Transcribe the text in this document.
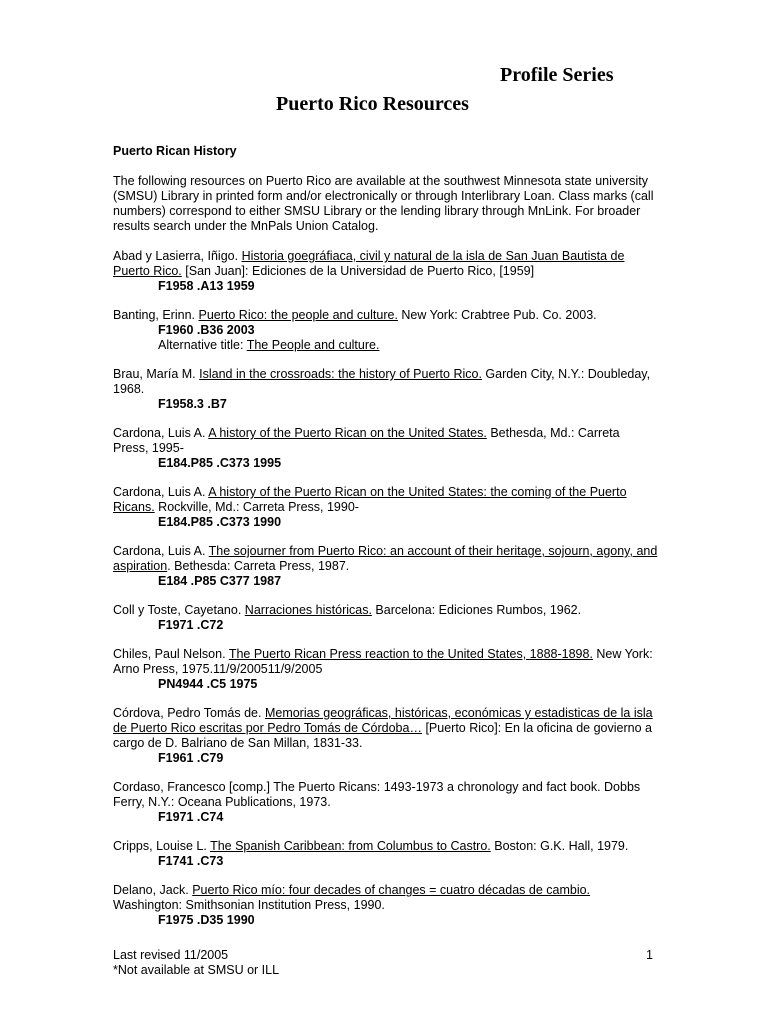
Profile Series
Puerto Rico Resources
Puerto Rican History
The following resources on Puerto Rico are available at the southwest Minnesota state university (SMSU) Library in printed form and/or electronically or through Interlibrary Loan. Class marks (call numbers) correspond to either SMSU Library or the lending library through MnLink. For broader results search under the MnPals Union Catalog.
Abad y Lasierra, Iñigo. Historia goegráfiaca, civil y natural de la isla de San Juan Bautista de Puerto Rico. [San Juan]: Ediciones de la Universidad de Puerto Rico, [1959]
F1958 .A13 1959
Banting, Erinn. Puerto Rico: the people and culture. New York: Crabtree Pub. Co. 2003.
F1960 .B36 2003
Alternative title: The People and culture.
Brau, María M. Island in the crossroads: the history of Puerto Rico. Garden City, N.Y.: Doubleday, 1968.
F1958.3 .B7
Cardona, Luis A. A history of the Puerto Rican on the United States. Bethesda, Md.: Carreta Press, 1995-
E184.P85 .C373 1995
Cardona, Luis A. A history of the Puerto Rican on the United States: the coming of the Puerto Ricans. Rockville, Md.: Carreta Press, 1990-
E184.P85 .C373 1990
Cardona, Luis A. The sojourner from Puerto Rico: an account of their heritage, sojourn, agony, and aspiration. Bethesda: Carreta Press, 1987.
E184 .P85 C377 1987
Coll y Toste, Cayetano. Narraciones históricas. Barcelona: Ediciones Rumbos, 1962.
F1971 .C72
Chiles, Paul Nelson. The Puerto Rican Press reaction to the United States, 1888-1898. New York: Arno Press, 1975.11/9/200511/9/2005
PN4944 .C5 1975
Córdova, Pedro Tomás de. Memorias geográficas, históricas, económicas y estadisticas de la isla de Puerto Rico escritas por Pedro Tomás de Córdoba… [Puerto Rico]: En la oficina de govierno a cargo de D. Balriano de San Millan, 1831-33.
F1961 .C79
Cordaso, Francesco [comp.] The Puerto Ricans: 1493-1973 a chronology and fact book. Dobbs Ferry, N.Y.: Oceana Publications, 1973.
F1971 .C74
Cripps, Louise L. The Spanish Caribbean: from Columbus to Castro. Boston: G.K. Hall, 1979.
F1741 .C73
Delano, Jack. Puerto Rico mío: four decades of changes = cuatro décadas de cambio. Washington: Smithsonian Institution Press, 1990.
F1975 .D35 1990
Last revised 11/2005
*Not available at SMSU or ILL
1
